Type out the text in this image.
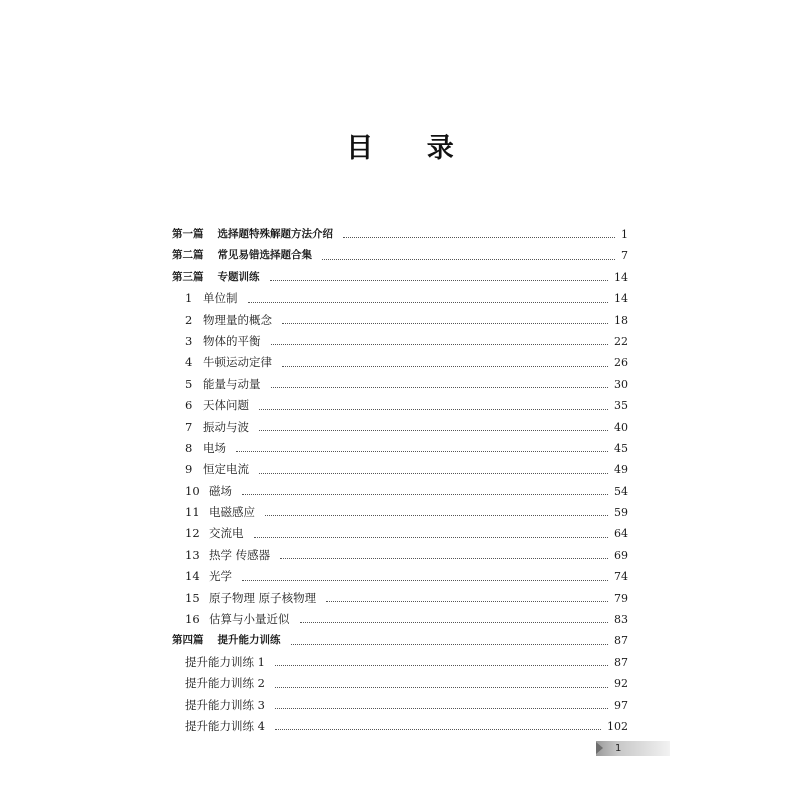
目 录
第一篇 选择题特殊解题方法介绍	1
第二篇 常见易错选择题合集	7
第三篇 专题训练	14
1 单位制	14
2 物理量的概念	18
3 物体的平衡	22
4 牛顿运动定律	26
5 能量与动量	30
6 天体问题	35
7 振动与波	40
8 电场	45
9 恒定电流	49
10 磁场	54
11 电磁感应	59
12 交流电	64
13 热学 传感器	69
14 光学	74
15 原子物理 原子核物理	79
16 估算与小量近似	83
第四篇 提升能力训练	87
提升能力训练 1	87
提升能力训练 2	92
提升能力训练 3	97
提升能力训练 4	102
1
